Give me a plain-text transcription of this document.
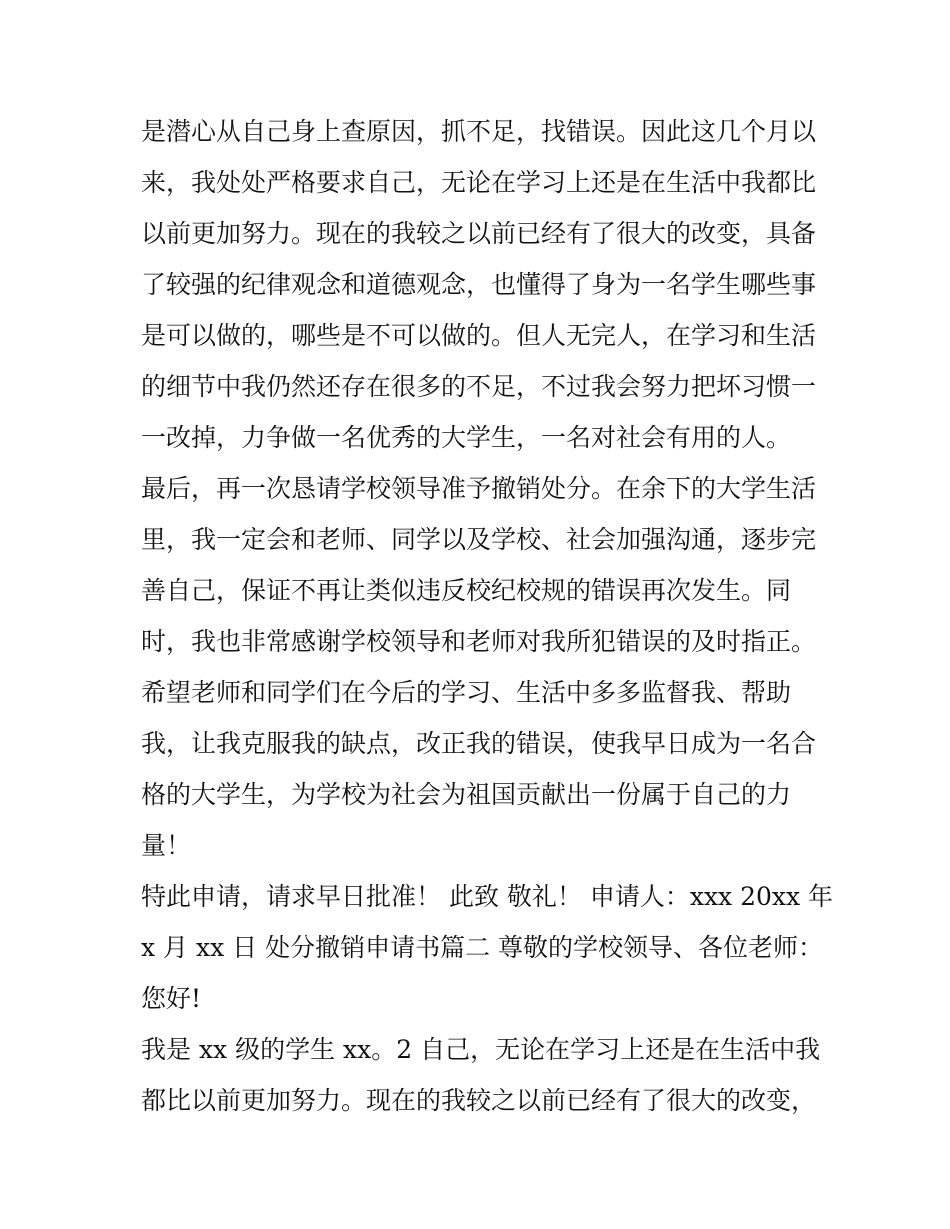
是潜心从自己身上查原因，抓不足，找错误。因此这几个月以
来，我处处严格要求自己，无论在学习上还是在生活中我都比
以前更加努力。现在的我较之以前已经有了很大的改变，具备
了较强的纪律观念和道德观念，也懂得了身为一名学生哪些事
是可以做的，哪些是不可以做的。但人无完人，在学习和生活
的细节中我仍然还存在很多的不足，不过我会努力把坏习惯一
一改掉，力争做一名优秀的大学生，一名对社会有用的人。
最后，再一次恳请学校领导准予撤销处分。在余下的大学生活
里，我一定会和老师、同学以及学校、社会加强沟通，逐步完
善自己，保证不再让类似违反校纪校规的错误再次发生。同
时，我也非常感谢学校领导和老师对我所犯错误的及时指正。
希望老师和同学们在今后的学习、生活中多多监督我、帮助
我，让我克服我的缺点，改正我的错误，使我早日成为一名合
格的大学生，为学校为社会为祖国贡献出一份属于自己的力
量！
特此申请，请求早日批准！ 此致 敬礼！ 申请人：xxx 20xx 年
x 月 xx 日 处分撤销申请书篇二 尊敬的学校领导、各位老师：
您好!
我是 xx 级的学生 xx。2 自己，无论在学习上还是在生活中我
都比以前更加努力。现在的我较之以前已经有了很大的改变，
